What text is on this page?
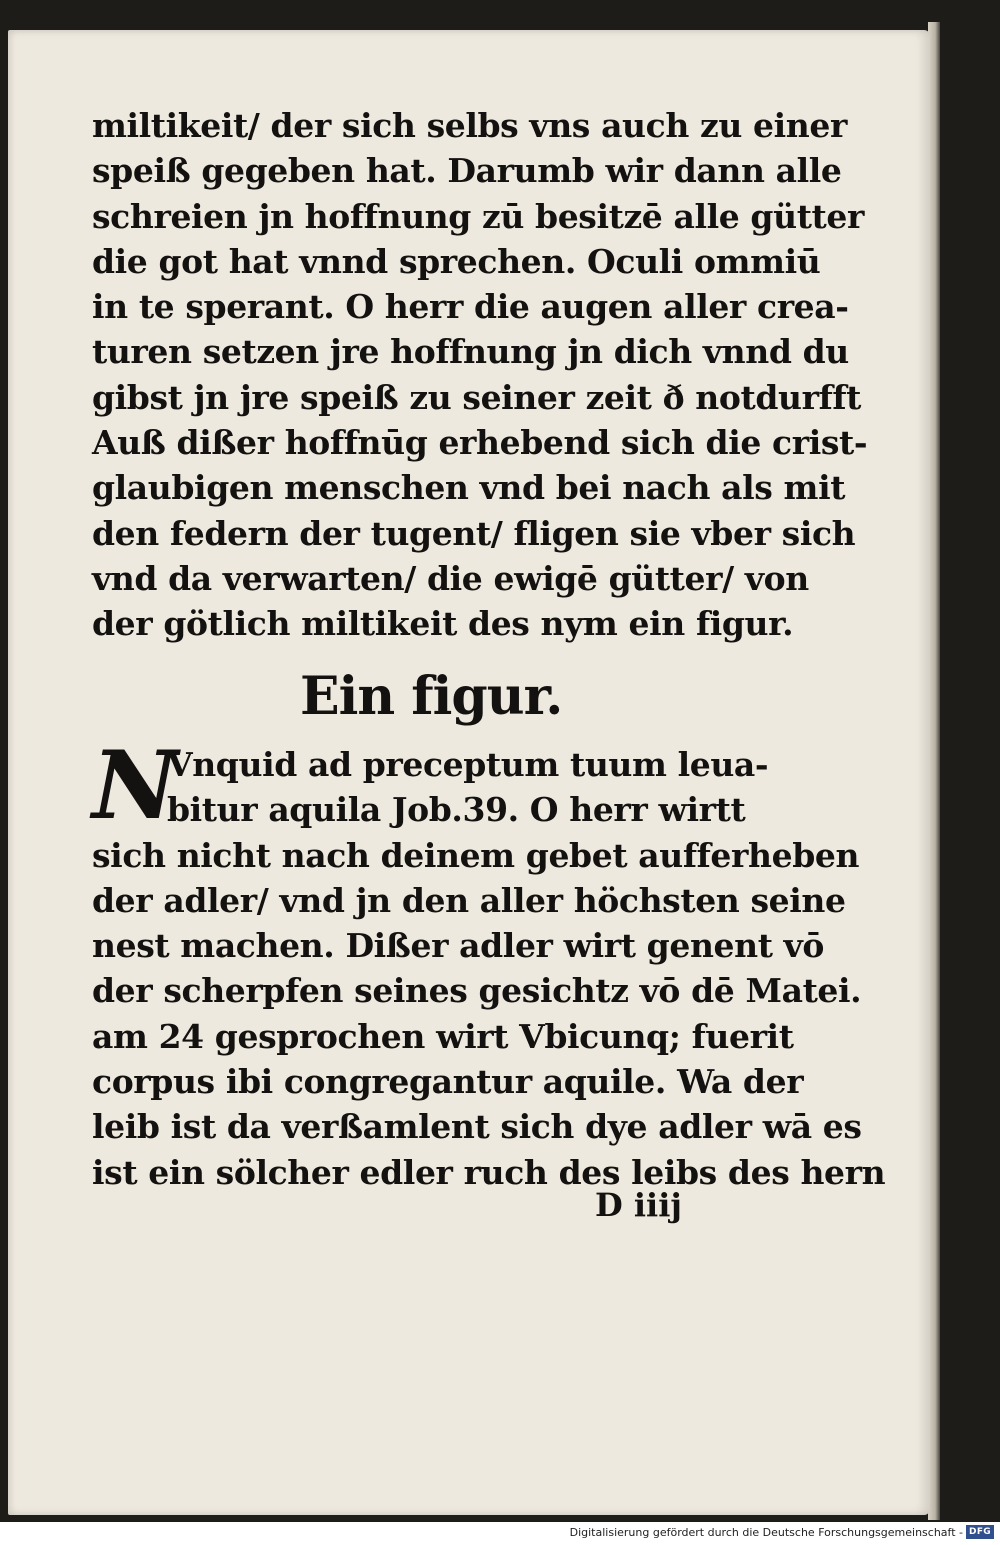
miltikeit/ der sich selbs vns auch zu einer
speiß gegeben hat. Darumb wir dann alle
schreien jn hoffnung zū besitzē alle gütter
die got hat vnnd sprechen. Oculi ommiū
in te sperant. O herr die augen aller crea-
turen setzen jre hoffnung jn dich vnnd du
gibst jn jre speiß zu seiner zeit ð notdurfft
Auß dißer hoffnūg erhebend sich die crist-
glaubigen menschen vnd bei nach als mit
den federn der tugent/ fligen sie vber sich
vnd da verwarten/ die ewigē gütter/ von
der götlich miltikeit des nym ein figur.
Ein figur.
N
Vnquid ad preceptum tuum leua-
bitur aquila Job.39. O herr wirtt
sich nicht nach deinem gebet aufferheben
der adler/ vnd jn den aller höchsten seine
nest machen. Dißer adler wirt genent vō
der scherpfen seines gesichtz vō dē Matei.
am 24 gesprochen wirt Vbicunq; fuerit
corpus ibi congregantur aquile. Wa der
leib ist da verßamlent sich dye adler wā es
ist ein sölcher edler ruch des leibs des hern
D iiij
Digitalisierung gefördert durch die Deutsche Forschungsgemeinschaft - DFG
